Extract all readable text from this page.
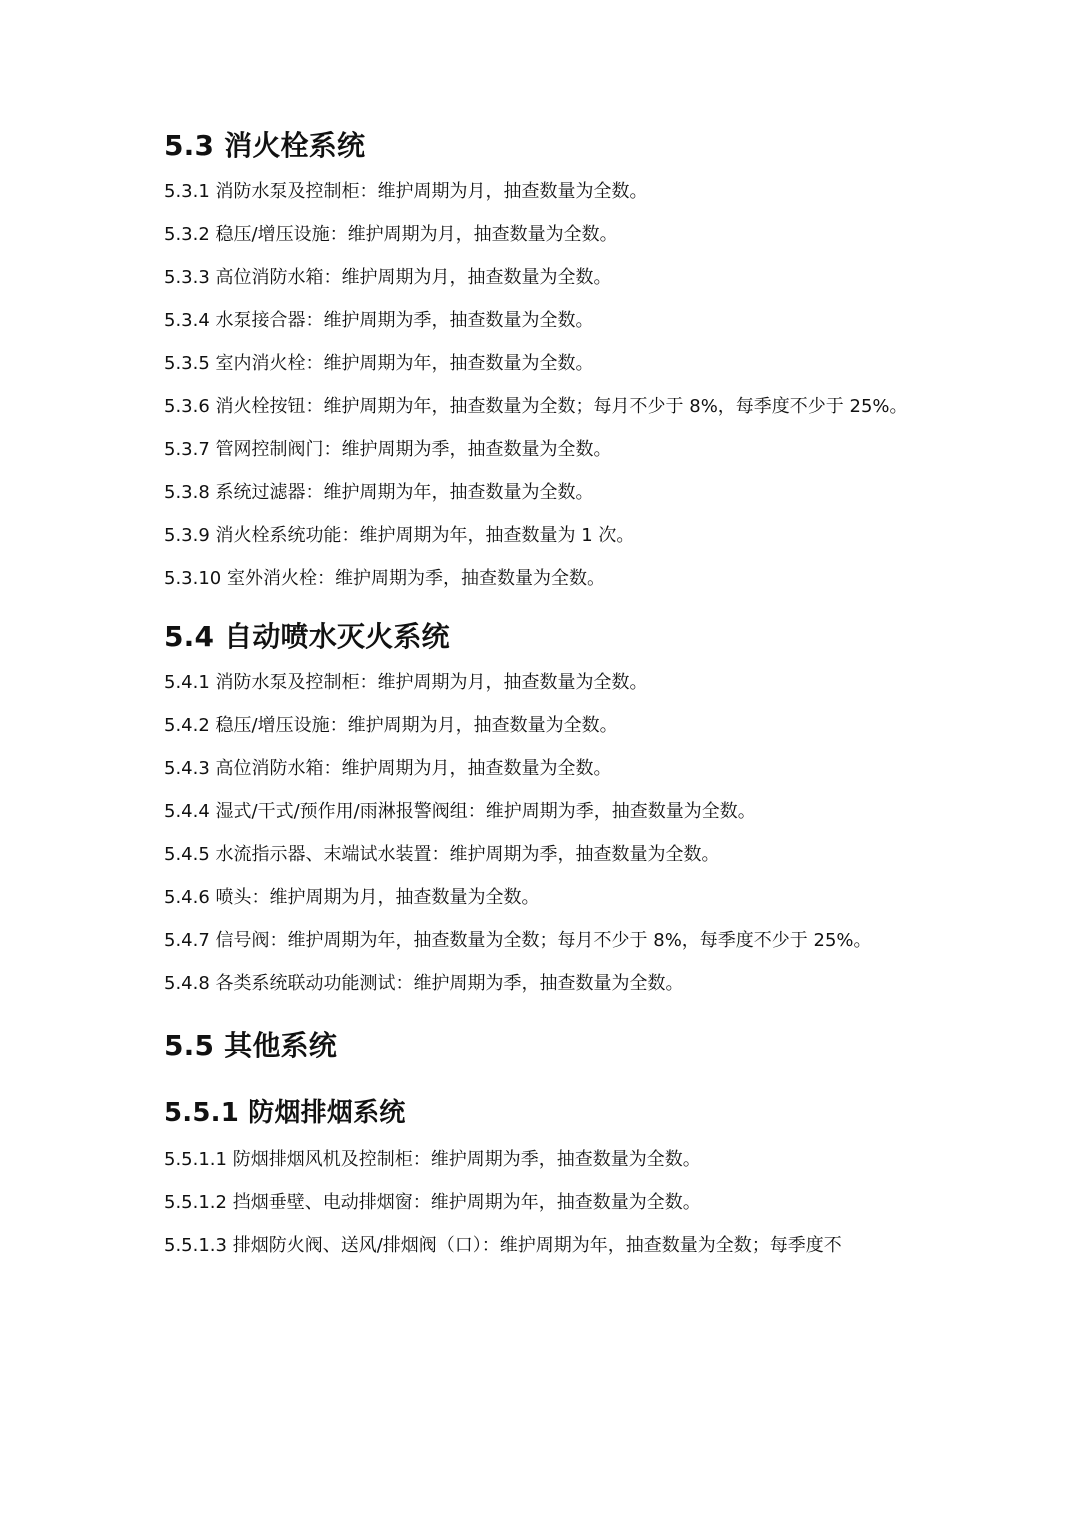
5.3 消火栓系统

5.3.1 消防水泵及控制柜：维护周期为月，抽查数量为全数。

5.3.2 稳压/增压设施：维护周期为月，抽查数量为全数。

5.3.3 高位消防水箱：维护周期为月，抽查数量为全数。

5.3.4 水泵接合器：维护周期为季，抽查数量为全数。

5.3.5 室内消火栓：维护周期为年，抽查数量为全数。

5.3.6 消火栓按钮：维护周期为年，抽查数量为全数；每月不少于 8%，每季度不少于 25%。

5.3.7 管网控制阀门：维护周期为季，抽查数量为全数。

5.3.8 系统过滤器：维护周期为年，抽查数量为全数。

5.3.9 消火栓系统功能：维护周期为年，抽查数量为 1 次。

5.3.10 室外消火栓：维护周期为季，抽查数量为全数。

5.4 自动喷水灭火系统

5.4.1 消防水泵及控制柜：维护周期为月，抽查数量为全数。

5.4.2 稳压/增压设施：维护周期为月，抽查数量为全数。

5.4.3 高位消防水箱：维护周期为月，抽查数量为全数。

5.4.4 湿式/干式/预作用/雨淋报警阀组：维护周期为季，抽查数量为全数。

5.4.5 水流指示器、末端试水装置：维护周期为季，抽查数量为全数。

5.4.6 喷头：维护周期为月，抽查数量为全数。

5.4.7 信号阀：维护周期为年，抽查数量为全数；每月不少于 8%，每季度不少于 25%。

5.4.8 各类系统联动功能测试：维护周期为季，抽查数量为全数。

5.5 其他系统
5.5.1 防烟排烟系统

5.5.1.1 防烟排烟风机及控制柜：维护周期为季，抽查数量为全数。

5.5.1.2 挡烟垂壁、电动排烟窗：维护周期为年，抽查数量为全数。

5.5.1.3 排烟防火阀、送风/排烟阀（口）：维护周期为年，抽查数量为全数；每季度不
